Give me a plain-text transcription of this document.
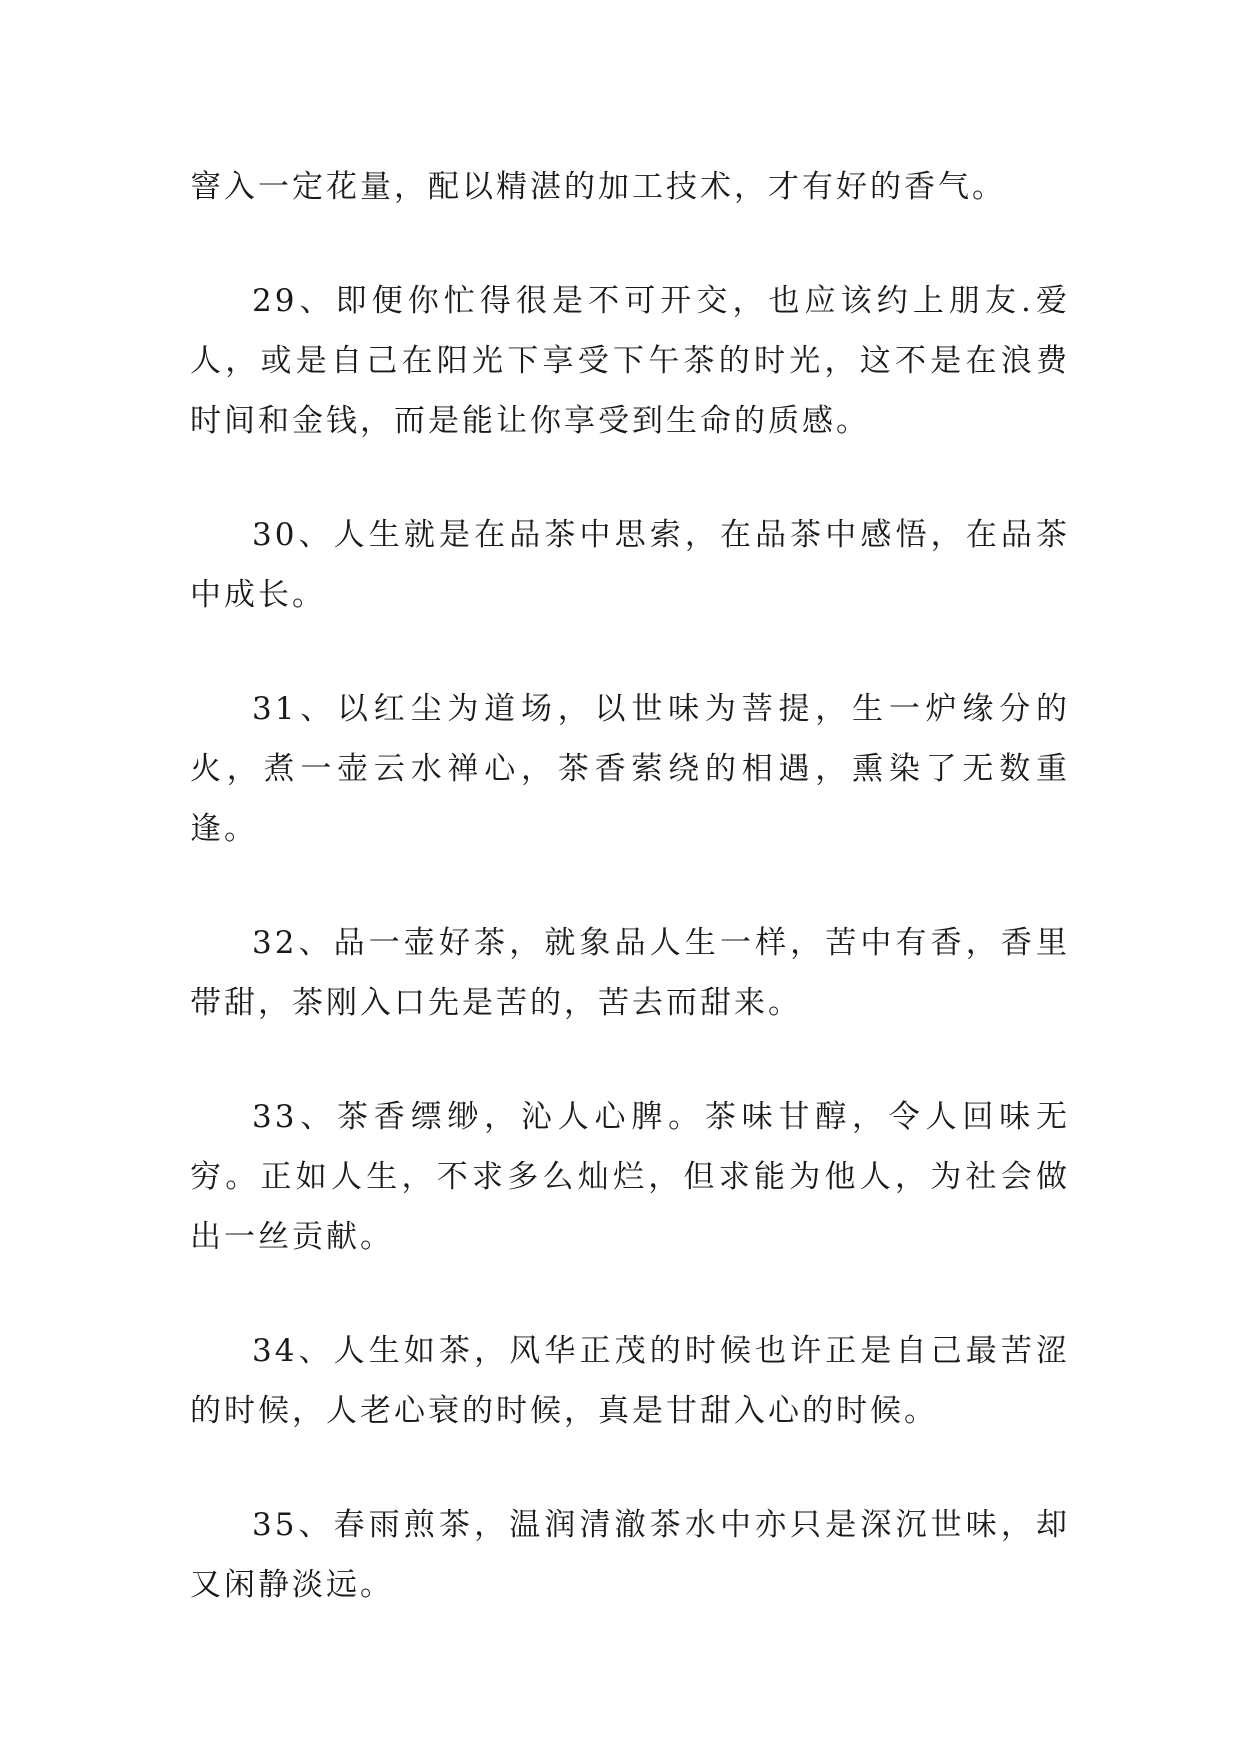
窨入一定花量，配以精湛的加工技术，才有好的香气。

29、即便你忙得很是不可开交，也应该约上朋友.爱人，或是自己在阳光下享受下午茶的时光，这不是在浪费时间和金钱，而是能让你享受到生命的质感。

30、人生就是在品茶中思索，在品茶中感悟，在品茶中成长。

31、以红尘为道场，以世味为菩提，生一炉缘分的火，煮一壶云水禅心，茶香萦绕的相遇，熏染了无数重逢。

32、品一壶好茶，就象品人生一样，苦中有香，香里带甜，茶刚入口先是苦的，苦去而甜来。

33、茶香缥缈，沁人心脾。茶味甘醇，令人回味无穷。正如人生，不求多么灿烂，但求能为他人，为社会做出一丝贡献。

34、人生如茶，风华正茂的时候也许正是自己最苦涩的时候，人老心衰的时候，真是甘甜入心的时候。

35、春雨煎茶，温润清澈茶水中亦只是深沉世味，却又闲静淡远。
